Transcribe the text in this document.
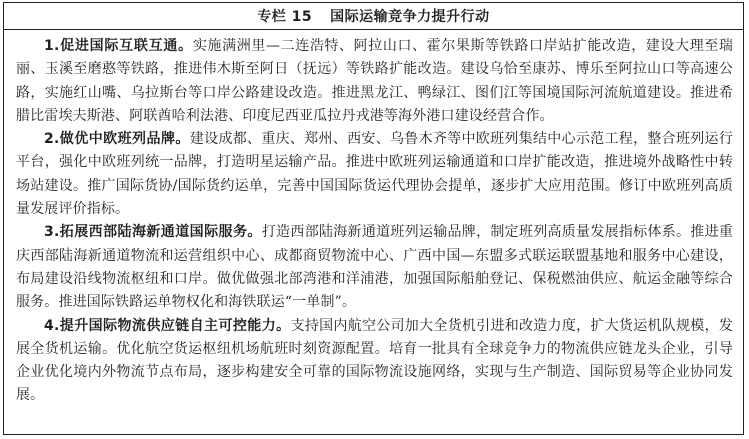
专栏 15 国际运输竞争力提升行动

1.促进国际互联互通。实施满洲里—二连浩特、阿拉山口、霍尔果斯等铁路口岸站扩能改造，建设大理至瑞丽、玉溪至磨憨等铁路，推进伟木斯至阿日（抚远）等铁路扩能改造。建设乌恰至康苏、博乐至阿拉山口等高速公路，实施红山嘴、乌拉斯台等口岸公路建设改造。推进黑龙江、鸭绿江、图们江等国境国际河流航道建设。推进希腊比雷埃夫斯港、阿联酋哈利法港、印度尼西亚瓜拉丹戎港等海外港口建设经营合作。

2.做优中欧班列品牌。建设成都、重庆、郑州、西安、乌鲁木齐等中欧班列集结中心示范工程，整合班列运行平台，强化中欧班列统一品牌，打造明星运输产品。推进中欧班列运输通道和口岸扩能改造，推进境外战略性中转场站建设。推广国际货协/国际货约运单，完善中国国际货运代理协会提单，逐步扩大应用范围。修订中欧班列高质量发展评价指标。

3.拓展西部陆海新通道国际服务。打造西部陆海新通道班列运输品牌，制定班列高质量发展指标体系。推进重庆西部陆海新通道物流和运营组织中心、成都商贸物流中心、广西中国—东盟多式联运联盟基地和服务中心建设，布局建设沿线物流枢纽和口岸。做优做强北部湾港和洋浦港，加强国际船舶登记、保税燃油供应、航运金融等综合服务。推进国际铁路运单物权化和海铁联运“一单制”。

4.提升国际物流供应链自主可控能力。支持国内航空公司加大全货机引进和改造力度，扩大货运机队规模，发展全货机运输。优化航空货运枢纽机场航班时刻资源配置。培育一批具有全球竞争力的物流供应链龙头企业，引导企业优化境内外物流节点布局，逐步构建安全可靠的国际物流设施网络，实现与生产制造、国际贸易等企业协同发展。
